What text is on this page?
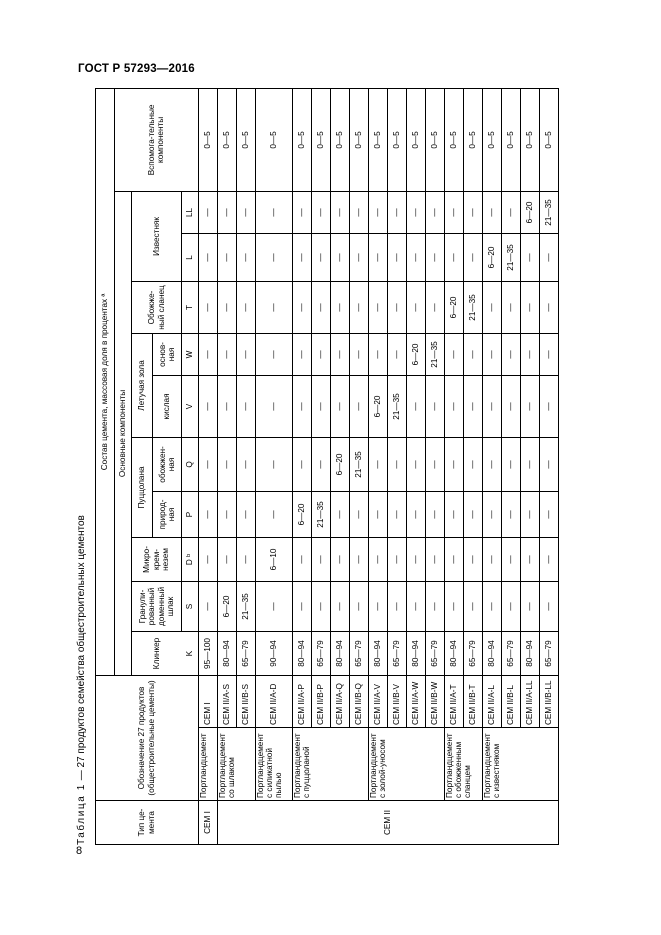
ГОСТ Р 57293—2016
8
Таблица 1 — 27 продуктов семейства общестроительных цементов
Тип це-мента	Обозначение 27 продуктов (общестроительные цементы)		Состав цемента, массовая доля в процентах ª										
			Основные компоненты										Вспомога-тельные компоненты
			Клинкер	Гранули-рованный доменный шлак	Микро-крем-незем	Пуццолана		Летучая зола		Обожже-ный сланец	Известняк		
						природ-ная	обожжен-ная	кислая	основ-ная				
			K	S	D ᵇ	P	Q	V	W	T	L	LL	
CEM I	Портландцемент	CEM I	95—100	—	—	—	—	—	—	—	—	—	0—5
CEM II	Портландцемент со шлаком	CEM II/A-S	80—94	6—20	—	—	—	—	—	—	—	—	0—5
		CEM II/B-S	65—79	21—35	—	—	—	—	—	—	—	—	0—5
	Портландцемент с силикатной пылью	CEM II/A-D	90—94	—	6—10	—	—	—	—	—	—	—	0—5
	Портландцемент с пуццоланой	CEM II/A-P	80—94	—	—	6—20	—	—	—	—	—	—	0—5
		CEM II/B-P	65—79	—	—	21—35	—	—	—	—	—	—	0—5
		CEM II/A-Q	80—94	—	—	—	6—20	—	—	—	—	—	0—5
		CEM II/B-Q	65—79	—	—	—	21—35	—	—	—	—	—	0—5
	Портландцемент с золой-уносом	CEM II/A-V	80—94	—	—	—	—	6—20	—	—	—	—	0—5
		CEM II/B-V	65—79	—	—	—	—	21—35	—	—	—	—	0—5
		CEM II/A-W	80—94	—	—	—	—	—	6—20	—	—	—	0—5
		CEM II/B-W	65—79	—	—	—	—	—	21—35	—	—	—	0—5
	Портландцемент с обожженным сланцем	CEM II/A-T	80—94	—	—	—	—	—	—	6—20	—	—	0—5
		CEM II/B-T	65—79	—	—	—	—	—	—	21—35	—	—	0—5
	Портландцемент с известняком	CEM II/A-L	80—94	—	—	—	—	—	—	—	6—20	—	0—5
		CEM II/B-L	65—79	—	—	—	—	—	—	—	21—35	—	0—5
		CEM II/A-LL	80—94	—	—	—	—	—	—	—	—	6—20	0—5
		CEM II/B-LL	65—79	—	—	—	—	—	—	—	—	21—35	0—5
